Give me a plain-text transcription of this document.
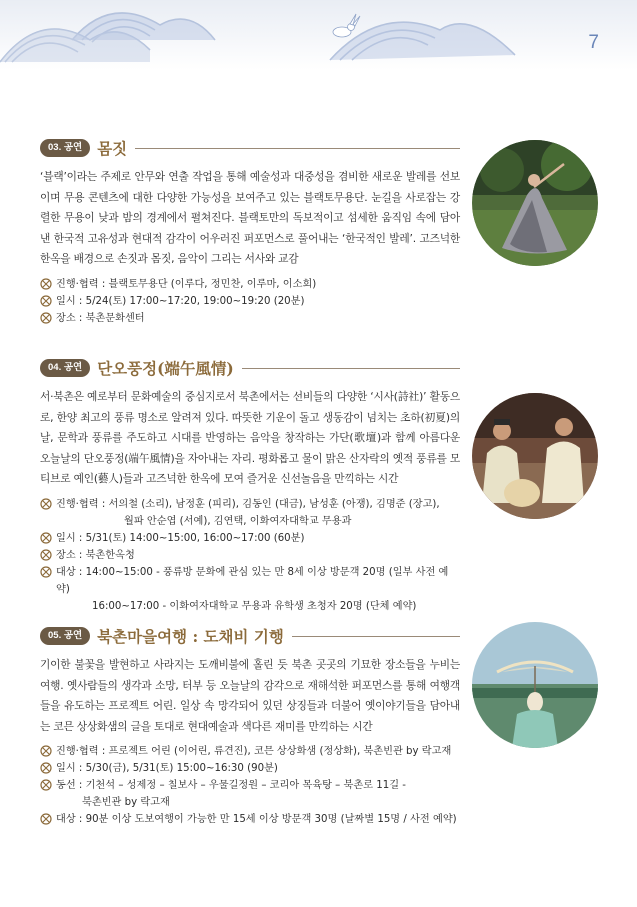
7
03. 공연 몸짓
‘블랙’이라는 주제로 안무와 연출 작업을 통해 예술성과 대중성을 겸비한 새로운 발레를 선보이며 무용 콘텐츠에 대한 다양한 가능성을 보여주고 있는 블랙토무용단. 눈길을 사로잡는 강렬한 무용이 낮과 밤의 경계에서 펼쳐진다. 블랙토만의 독보적이고 섬세한 움직임 속에 담아낸 한국적 고유성과 현대적 감각이 어우러진 퍼포먼스로 풀어내는 ‘한국적인 발레’. 고즈넉한 한옥을 배경으로 손짓과 몸짓, 음악이 그리는 서사와 교감
진행·협력 : 블랙토무용단 (이루다, 정민찬, 이루마, 이소희)
일시 : 5/24(토) 17:00~17:20, 19:00~19:20 (20분)
장소 : 북촌문화센터
04. 공연 단오풍정(端午風情)
서·북촌은 예로부터 문화예술의 중심지로서 북촌에서는 선비들의 다양한 ‘시사(詩社)’ 활동으로, 한양 최고의 풍류 명소로 알려져 있다. 따뜻한 기운이 돌고 생동감이 넘치는 초하(初夏)의 날, 문학과 풍류를 주도하고 시대를 반영하는 음악을 창작하는 가단(歌壇)과 함께 아름다운 오늘날의 단오풍정(端午風情)을 자아내는 자리. 평화롭고 물이 맑은 산자락의 옛적 풍류를 모티브로 예인(藝人)들과 고즈넉한 한옥에 모여 즐거운 신선놀음을 만끽하는 시간
진행·협력 : 서의철 (소리), 남정훈 (피리), 김동인 (대금), 남성훈 (아쟁), 김명준 (장고),
월파 안순엽 (서예), 김연택, 이화여자대학교 무용과
일시 : 5/31(토) 14:00~15:00, 16:00~17:00 (60분)
장소 : 북촌한옥청
대상 : 14:00~15:00 - 풍류방 문화에 관심 있는 만 8세 이상 방문객 20명 (일부 사전 예약)
16:00~17:00 - 이화여자대학교 무용과 유학생 초청자 20명 (단체 예약)
05. 공연 북촌마을여행 : 도채비 기행
기이한 불꽃을 발현하고 사라지는 도깨비불에 홀린 듯 북촌 곳곳의 기묘한 장소들을 누비는 여행. 옛사람들의 생각과 소망, 터부 등 오늘날의 감각으로 재해석한 퍼포먼스를 통해 여행객들을 유도하는 프로젝트 어린. 일상 속 망각되어 있던 상징들과 더불어 옛이야기들을 담아내는 코믄 상상화샘의 글을 토대로 현대예술과 색다른 재미를 만끽하는 시간
진행·협력 : 프로젝트 어린 (이어린, 류견진), 코믄 상상화샘 (정상화), 북촌빈관 by 락고재
일시 : 5/30(금), 5/31(토) 15:00~16:30 (90분)
동선 : 기천석 – 성제정 – 칠보사 – 우물길정원 – 코리아 목육탕 – 북촌로 11길 -
북촌빈관 by 락고재
대상 : 90분 이상 도보여행이 가능한 만 15세 이상 방문객 30명 (날짜별 15명 / 사전 예약)
